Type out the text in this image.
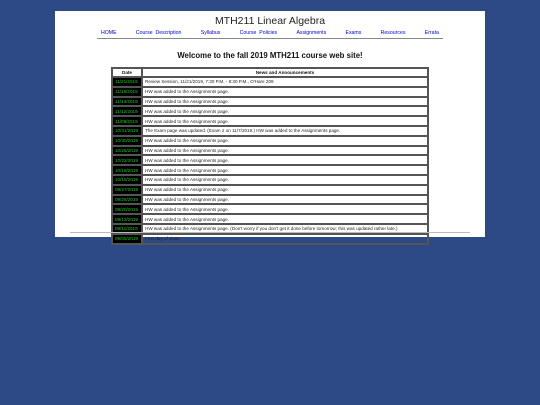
MTH211 Linear Algebra
HOME	Course  Description	Syllabus	Course  Policies	Assignments	Exams	Resources	Errata
Welcome to the fall 2019 MTH211 course web site!
Date	News and Announcements
11/21/2019	Review Session, 11/21/2019, 7:30 P.M. - 8:30 P.M., O'Hare 209
11/19/2019	HW was added to the Assignments page.
11/14/2019	HW was added to the Assignments page.
11/12/2019	HW was added to the Assignments page.
11/09/2019	HW was added to the Assignments page.
10/31/2019	The Exam page was updated. (Exam 2 on 11/7/2019.) HW was added to the Assignments page.
10/30/2019	HW was added to the Assignments page.
10/25/2019	HW was added to the Assignments page.
10/22/2019	HW was added to the Assignments page.
10/18/2019	HW was added to the Assignments page.
10/15/2019	HW was added to the Assignments page.
09/27/2019	HW was added to the Assignments page.
09/25/2019	HW was added to the Assignments page.
09/20/2019	HW was added to the Assignments page.
09/13/2019	HW was added to the Assignments page.
09/11/2019	HW was added to the Assignments page. (Don't worry if you don't get it done before tomorrow; this was updated rather late.)
09/05/2019	First day of class.
